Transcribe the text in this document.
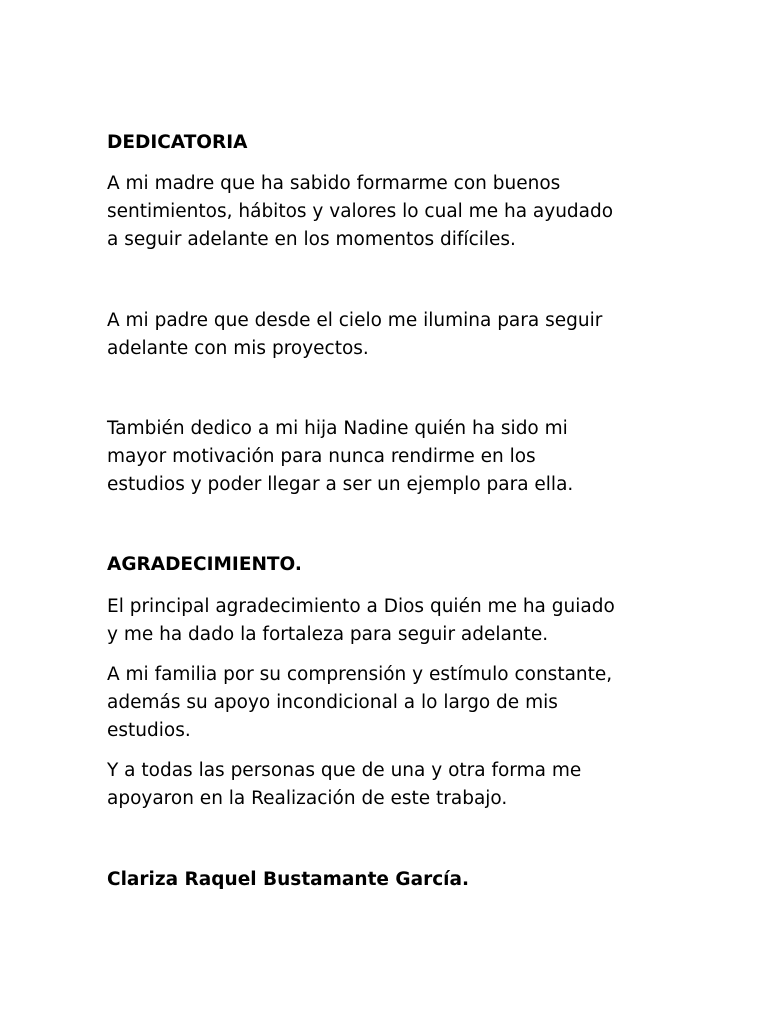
DEDICATORIA
A mi madre que ha sabido formarme con buenos
sentimientos, hábitos y valores lo cual me ha ayudado
a seguir adelante en los momentos difíciles.
A mi padre que desde el cielo me ilumina para seguir
adelante con mis proyectos.
También dedico a mi hija Nadine quién ha sido mi
mayor motivación para nunca rendirme en los
estudios y poder llegar a ser un ejemplo para ella.
AGRADECIMIENTO.
El principal agradecimiento a Dios quién me ha guiado
y me ha dado la fortaleza para seguir adelante.
A mi familia por su comprensión y estímulo constante,
además su apoyo incondicional a lo largo de mis
estudios.
Y a todas las personas que de una y otra forma me
apoyaron en la Realización de este trabajo.
Clariza Raquel Bustamante García.
